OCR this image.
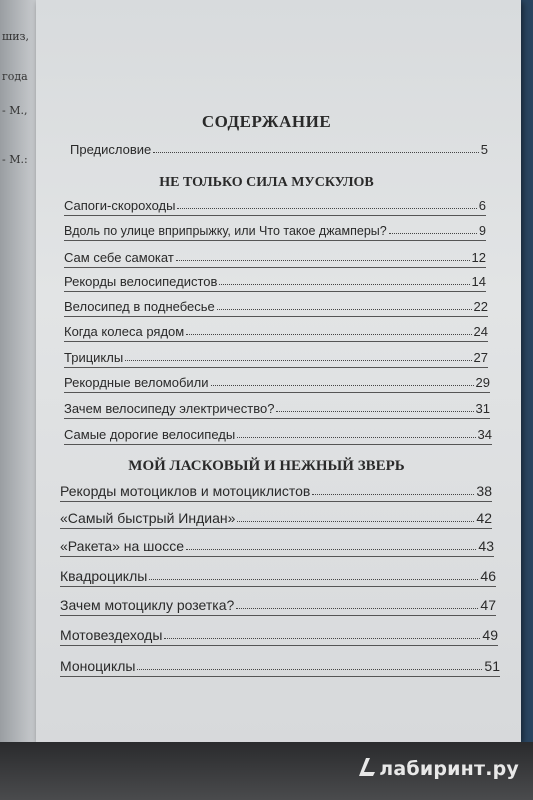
шиз,
года
- М.,
- М.:
СОДЕРЖАНИЕ
Предисловие	5
НЕ ТОЛЬКО СИЛА МУСКУЛОВ
Сапоги-скороходы	6
Вдоль по улице вприпрыжку, или Что такое джамперы?	9
Сам себе самокат	12
Рекорды велосипедистов	14
Велосипед в поднебесье	22
Когда колеса рядом	24
Трициклы	27
Рекордные веломобили	29
Зачем велосипеду электричество?	31
Самые дорогие велосипеды	34
МОЙ ЛАСКОВЫЙ И НЕЖНЫЙ ЗВЕРЬ
Рекорды мотоциклов и мотоциклистов	38
«Самый быстрый Индиан»	42
«Ракета» на шоссе	43
Квадроциклы	46
Зачем мотоциклу розетка?	47
Мотовездеходы	49
Моноциклы	51
лабиринт.ру
